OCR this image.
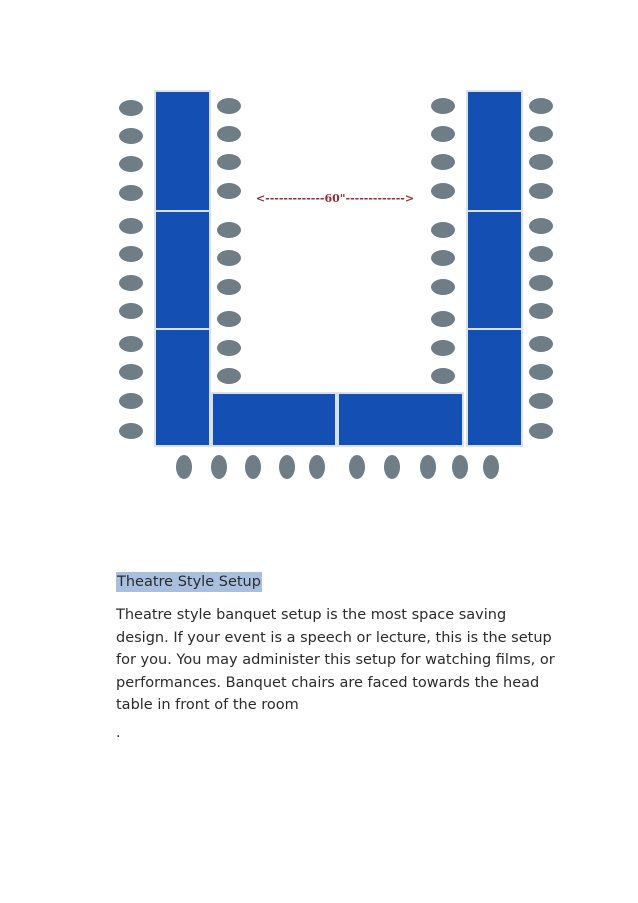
<-------------60"------------->
Theatre Style Setup

Theatre style banquet setup is the most space saving design. If your event is a speech or lecture, this is the setup for you. You may administer this setup for watching films, or performances. Banquet chairs are faced towards the head table in front of the room

.
